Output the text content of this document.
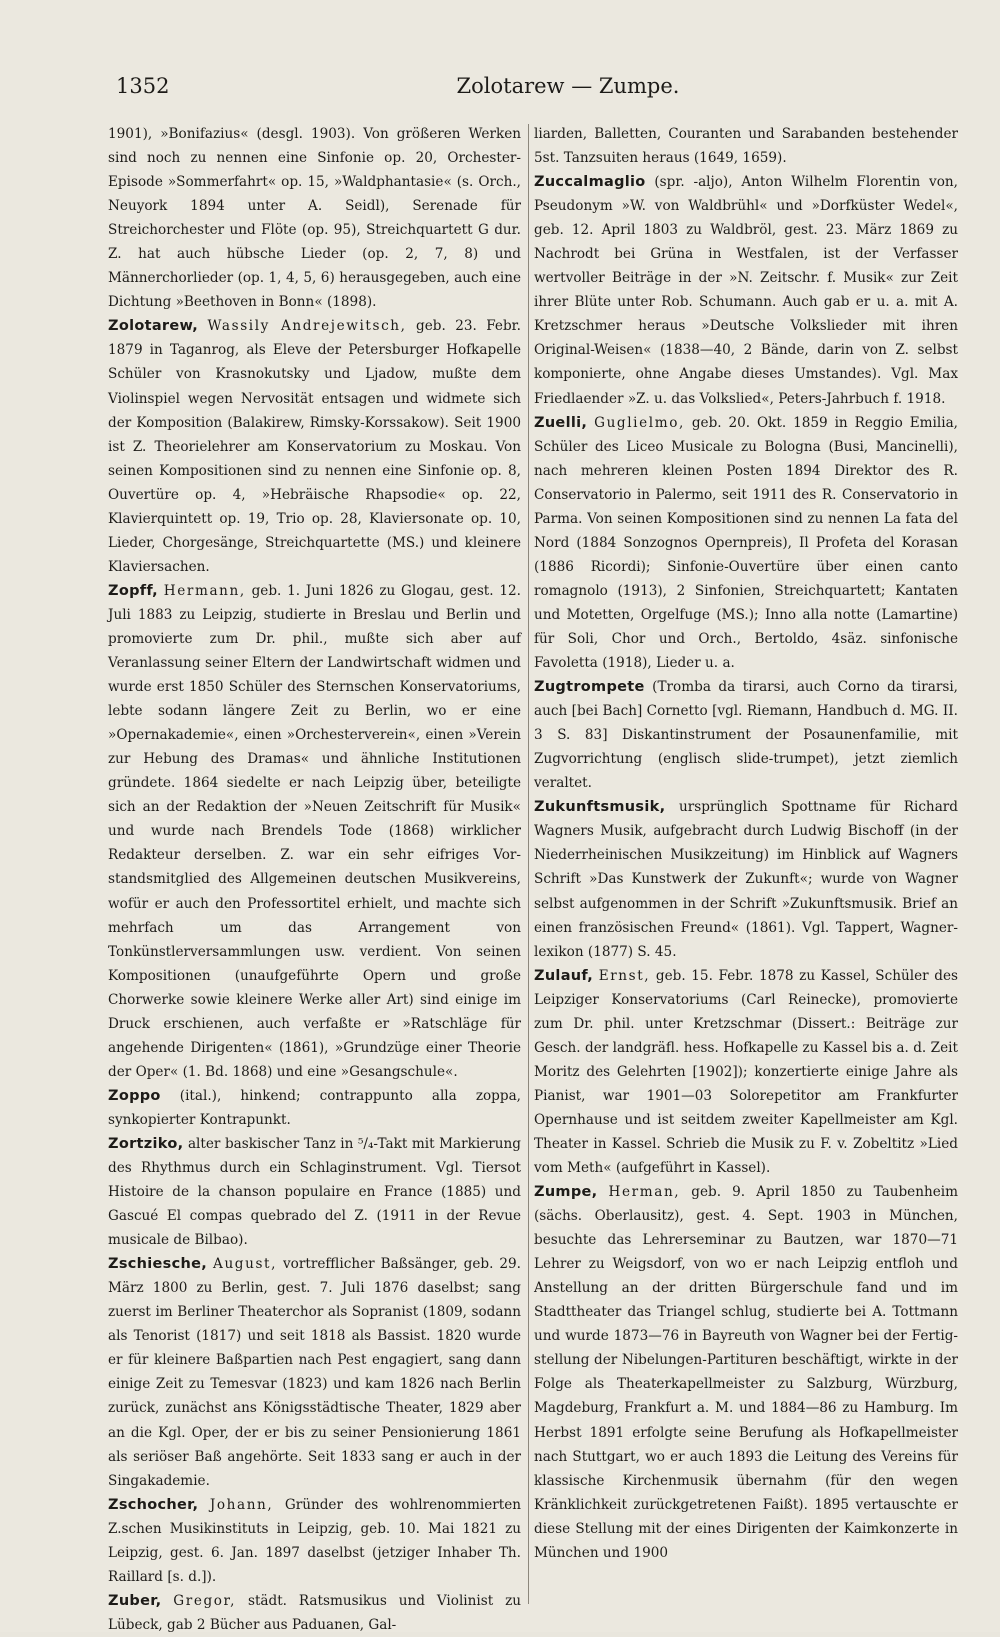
1352	Zolotarew — Zumpe.

1901), »Bonifazius« (desgl. 1903). Von größeren Werken sind noch zu nennen eine Sinfonie op. 20, Orchester-Episode »Sommerfahrt« op. 15, »Waldphantasie« (s. Orch., Neuyork 1894 unter A. Seidl), Serenade für Streichorchester und Flöte (op. 95), Streichquartett G dur. Z. hat auch hübsche Lieder (op. 2, 7, 8) und Männerchorlieder (op. 1, 4, 5, 6) herausgegeben, auch eine Dichtung »Beethoven in Bonn« (1898).

Zolotarew, Wassily Andrejewitsch, geb. 23. Febr. 1879 in Taganrog, als Eleve der Petersburger Hofkapelle Schüler von Krasnokutsky und Ljadow, mußte dem Violinspiel wegen Nervosität entsagen und widmete sich der Komposition (Balakirew, Rimsky-Korssakow). Seit 1900 ist Z. Theorielehrer am Konservatorium zu Moskau. Von seinen Kompositionen sind zu nennen eine Sinfonie op. 8, Ouvertüre op. 4, »Hebräische Rhapsodie« op. 22, Klavierquintett op. 19, Trio op. 28, Klaviersonate op. 10, Lieder, Chorgesänge, Streichquartette (MS.) und kleinere Klaviersachen.

Zopff, Hermann, geb. 1. Juni 1826 zu Glogau, gest. 12. Juli 1883 zu Leipzig, studierte in Breslau und Berlin und promovierte zum Dr. phil., mußte sich aber auf Veranlassung seiner Eltern der Landwirtschaft widmen und wurde erst 1850 Schüler des Sternschen Konservatoriums, lebte sodann längere Zeit zu Berlin, wo er eine »Opernakademie«, einen »Orchesterverein«, einen »Verein zur Hebung des Dramas« und ähnliche Institutionen gründete. 1864 siedelte er nach Leipzig über, beteiligte sich an der Redaktion der »Neuen Zeitschrift für Musik« und wurde nach Brendels Tode (1868) wirklicher Redakteur derselben. Z. war ein sehr eifriges Vorstandsmitglied des Allgemeinen deutschen Musikvereins, wofür er auch den Professortitel erhielt, und machte sich mehrfach um das Arrangement von Tonkünstlerversammlungen usw. verdient. Von seinen Kompositionen (unaufgeführte Opern und große Chorwerke sowie kleinere Werke aller Art) sind einige im Druck erschienen, auch verfaßte er »Ratschläge für angehende Dirigenten« (1861), »Grundzüge einer Theorie der Oper« (1. Bd. 1868) und eine »Gesangschule«.

Zoppo (ital.), hinkend; contrappunto alla zoppa, synkopierter Kontrapunkt.

Zortziko, alter baskischer Tanz in ⁵/₄-Takt mit Markierung des Rhythmus durch ein Schlaginstrument. Vgl. Tiersot Histoire de la chanson populaire en France (1885) und Gascué El compas quebrado del Z. (1911 in der Revue musicale de Bilbao).

Zschiesche, August, vortrefflicher Baßsänger, geb. 29. März 1800 zu Berlin, gest. 7. Juli 1876 daselbst; sang zuerst im Berliner Theaterchor als Sopranist (1809, sodann als Tenorist (1817) und seit 1818 als Bassist. 1820 wurde er für kleinere Baßpartien nach Pest engagiert, sang dann einige Zeit zu Temesvar (1823) und kam 1826 nach Berlin zurück, zunächst ans Königsstädtische Theater, 1829 aber an die Kgl. Oper, der er bis zu seiner Pensionierung 1861 als seriöser Baß angehörte. Seit 1833 sang er auch in der Singakademie.

Zschocher, Johann, Gründer des wohlrenommierten Z.schen Musikinstituts in Leipzig, geb. 10. Mai 1821 zu Leipzig, gest. 6. Jan. 1897 daselbst (jetziger Inhaber Th. Raillard [s. d.]).

Zuber, Gregor, städt. Ratsmusikus und Violinist zu Lübeck, gab 2 Bücher aus Paduanen, Gal-

liarden, Balletten, Couranten und Sarabanden bestehender 5st. Tanzsuiten heraus (1649, 1659).

Zuccalmaglio (spr. -aljo), Anton Wilhelm Florentin von, Pseudonym »W. von Waldbrühl« und »Dorfküster Wedel«, geb. 12. April 1803 zu Waldbröl, gest. 23. März 1869 zu Nachrodt bei Grüna in Westfalen, ist der Verfasser wertvoller Beiträge in der »N. Zeitschr. f. Musik« zur Zeit ihrer Blüte unter Rob. Schumann. Auch gab er u. a. mit A. Kretzschmer heraus »Deutsche Volkslieder mit ihren Original-Weisen« (1838—40, 2 Bände, darin von Z. selbst komponierte, ohne Angabe dieses Umstandes). Vgl. Max Friedlaender »Z. u. das Volkslied«, Peters-Jahrbuch f. 1918.

Zuelli, Guglielmo, geb. 20. Okt. 1859 in Reggio Emilia, Schüler des Liceo Musicale zu Bologna (Busi, Mancinelli), nach mehreren kleinen Posten 1894 Direktor des R. Conservatorio in Palermo, seit 1911 des R. Conservatorio in Parma. Von seinen Kompositionen sind zu nennen La fata del Nord (1884 Sonzognos Opernpreis), Il Profeta del Korasan (1886 Ricordi); Sinfonie-Ouvertüre über einen canto romagnolo (1913), 2 Sinfonien, Streichquartett; Kantaten und Motetten, Orgelfuge (MS.); Inno alla notte (Lamartine) für Soli, Chor und Orch., Bertoldo, 4säz. sinfonische Favoletta (1918), Lieder u. a.

Zugtrompete (Tromba da tirarsi, auch Corno da tirarsi, auch [bei Bach] Cornetto [vgl. Riemann, Handbuch d. MG. II. 3 S. 83] Diskantinstrument der Posaunenfamilie, mit Zugvorrichtung (englisch slide-trumpet), jetzt ziemlich veraltet.

Zukunftsmusik, ursprünglich Spottname für Richard Wagners Musik, aufgebracht durch Ludwig Bischoff (in der Niederrheinischen Musikzeitung) im Hinblick auf Wagners Schrift »Das Kunstwerk der Zukunft«; wurde von Wagner selbst aufgenommen in der Schrift »Zukunftsmusik. Brief an einen französischen Freund« (1861). Vgl. Tappert, Wagner-lexikon (1877) S. 45.

Zulauf, Ernst, geb. 15. Febr. 1878 zu Kassel, Schüler des Leipziger Konservatoriums (Carl Reinecke), promovierte zum Dr. phil. unter Kretzschmar (Dissert.: Beiträge zur Gesch. der landgräfl. hess. Hofkapelle zu Kassel bis a. d. Zeit Moritz des Gelehrten [1902]); konzertierte einige Jahre als Pianist, war 1901—03 Solorepetitor am Frankfurter Opernhause und ist seitdem zweiter Kapellmeister am Kgl. Theater in Kassel. Schrieb die Musik zu F. v. Zobeltitz »Lied vom Meth« (aufgeführt in Kassel).

Zumpe, Herman, geb. 9. April 1850 zu Taubenheim (sächs. Oberlausitz), gest. 4. Sept. 1903 in München, besuchte das Lehrerseminar zu Bautzen, war 1870—71 Lehrer zu Weigsdorf, von wo er nach Leipzig entfloh und Anstellung an der dritten Bürgerschule fand und im Stadttheater das Triangel schlug, studierte bei A. Tottmann und wurde 1873—76 in Bayreuth von Wagner bei der Fertigstellung der Nibelungen-Partituren beschäftigt, wirkte in der Folge als Theaterkapellmeister zu Salzburg, Würzburg, Magdeburg, Frankfurt a. M. und 1884—86 zu Hamburg. Im Herbst 1891 erfolgte seine Berufung als Hofkapellmeister nach Stuttgart, wo er auch 1893 die Leitung des Vereins für klassische Kirchenmusik übernahm (für den wegen Kränklichkeit zurückgetretenen Faißt). 1895 vertauschte er diese Stellung mit der eines Dirigenten der Kaimkonzerte in München und 1900
